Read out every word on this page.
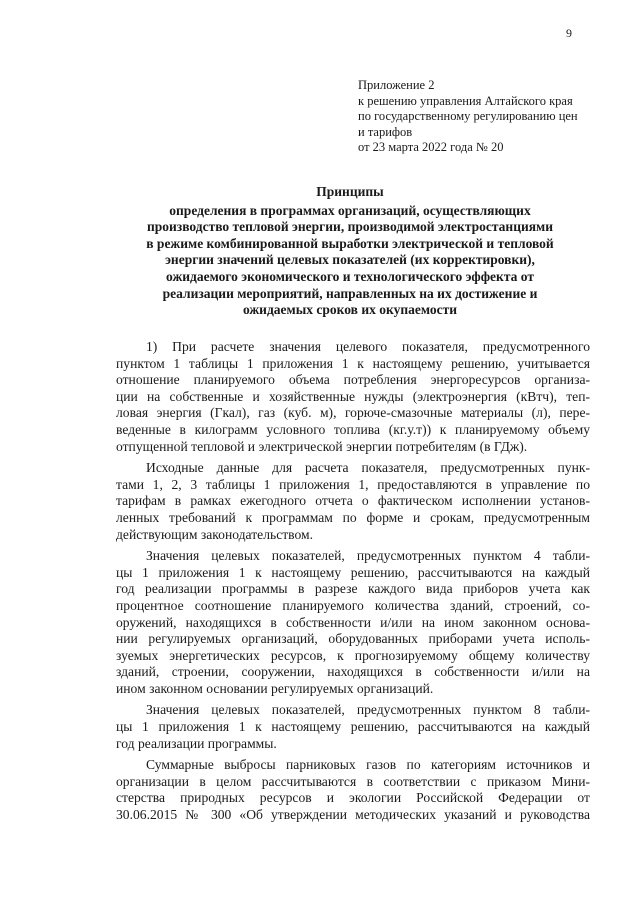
9
Приложение 2
к решению управления Алтайского края
по государственному регулированию цен
и тарифов
от 23 марта 2022 года № 20
Принципы
определения в программах организаций, осуществляющих
производство тепловой энергии, производимой электростанциями
в режиме комбинированной выработки электрической и тепловой
энергии значений целевых показателей (их корректировки),
ожидаемого экономического и технологического эффекта от
реализации мероприятий, направленных на их достижение и
ожидаемых сроков их окупаемости
1) При расчете значения целевого показателя, предусмотренного
пунктом 1 таблицы 1 приложения 1 к настоящему решению, учитывается
отношение планируемого объема потребления энергоресурсов организа-
ции на собственные и хозяйственные нужды (электроэнергия (кВтч), теп-
ловая энергия (Гкал), газ (куб. м), горюче-смазочные материалы (л), пере-
веденные в килограмм условного топлива (кг.у.т)) к планируемому объему
отпущенной тепловой и электрической энергии потребителям (в ГДж).
Исходные данные для расчета показателя, предусмотренных пунк-
тами 1, 2, 3 таблицы 1 приложения 1, предоставляются в управление по
тарифам в рамках ежегодного отчета о фактическом исполнении установ-
ленных требований к программам по форме и срокам, предусмотренным
действующим законодательством.
Значения целевых показателей, предусмотренных пунктом 4 табли-
цы 1 приложения 1 к настоящему решению, рассчитываются на каждый
год реализации программы в разрезе каждого вида приборов учета как
процентное соотношение планируемого количества зданий, строений, со-
оружений, находящихся в собственности и/или на ином законном основа-
нии регулируемых организаций, оборудованных приборами учета исполь-
зуемых энергетических ресурсов, к прогнозируемому общему количеству
зданий, строении, сооружении, находящихся в собственности и/или на
ином законном основании регулируемых организаций.
Значения целевых показателей, предусмотренных пунктом 8 табли-
цы 1 приложения 1 к настоящему решению, рассчитываются на каждый
год реализации программы.
Суммарные выбросы парниковых газов по категориям источников и
организации в целом рассчитываются в соответствии с приказом Мини-
стерства природных ресурсов и экологии Российской Федерации от
30.06.2015 № 300 «Об утверждении методических указаний и руководства
